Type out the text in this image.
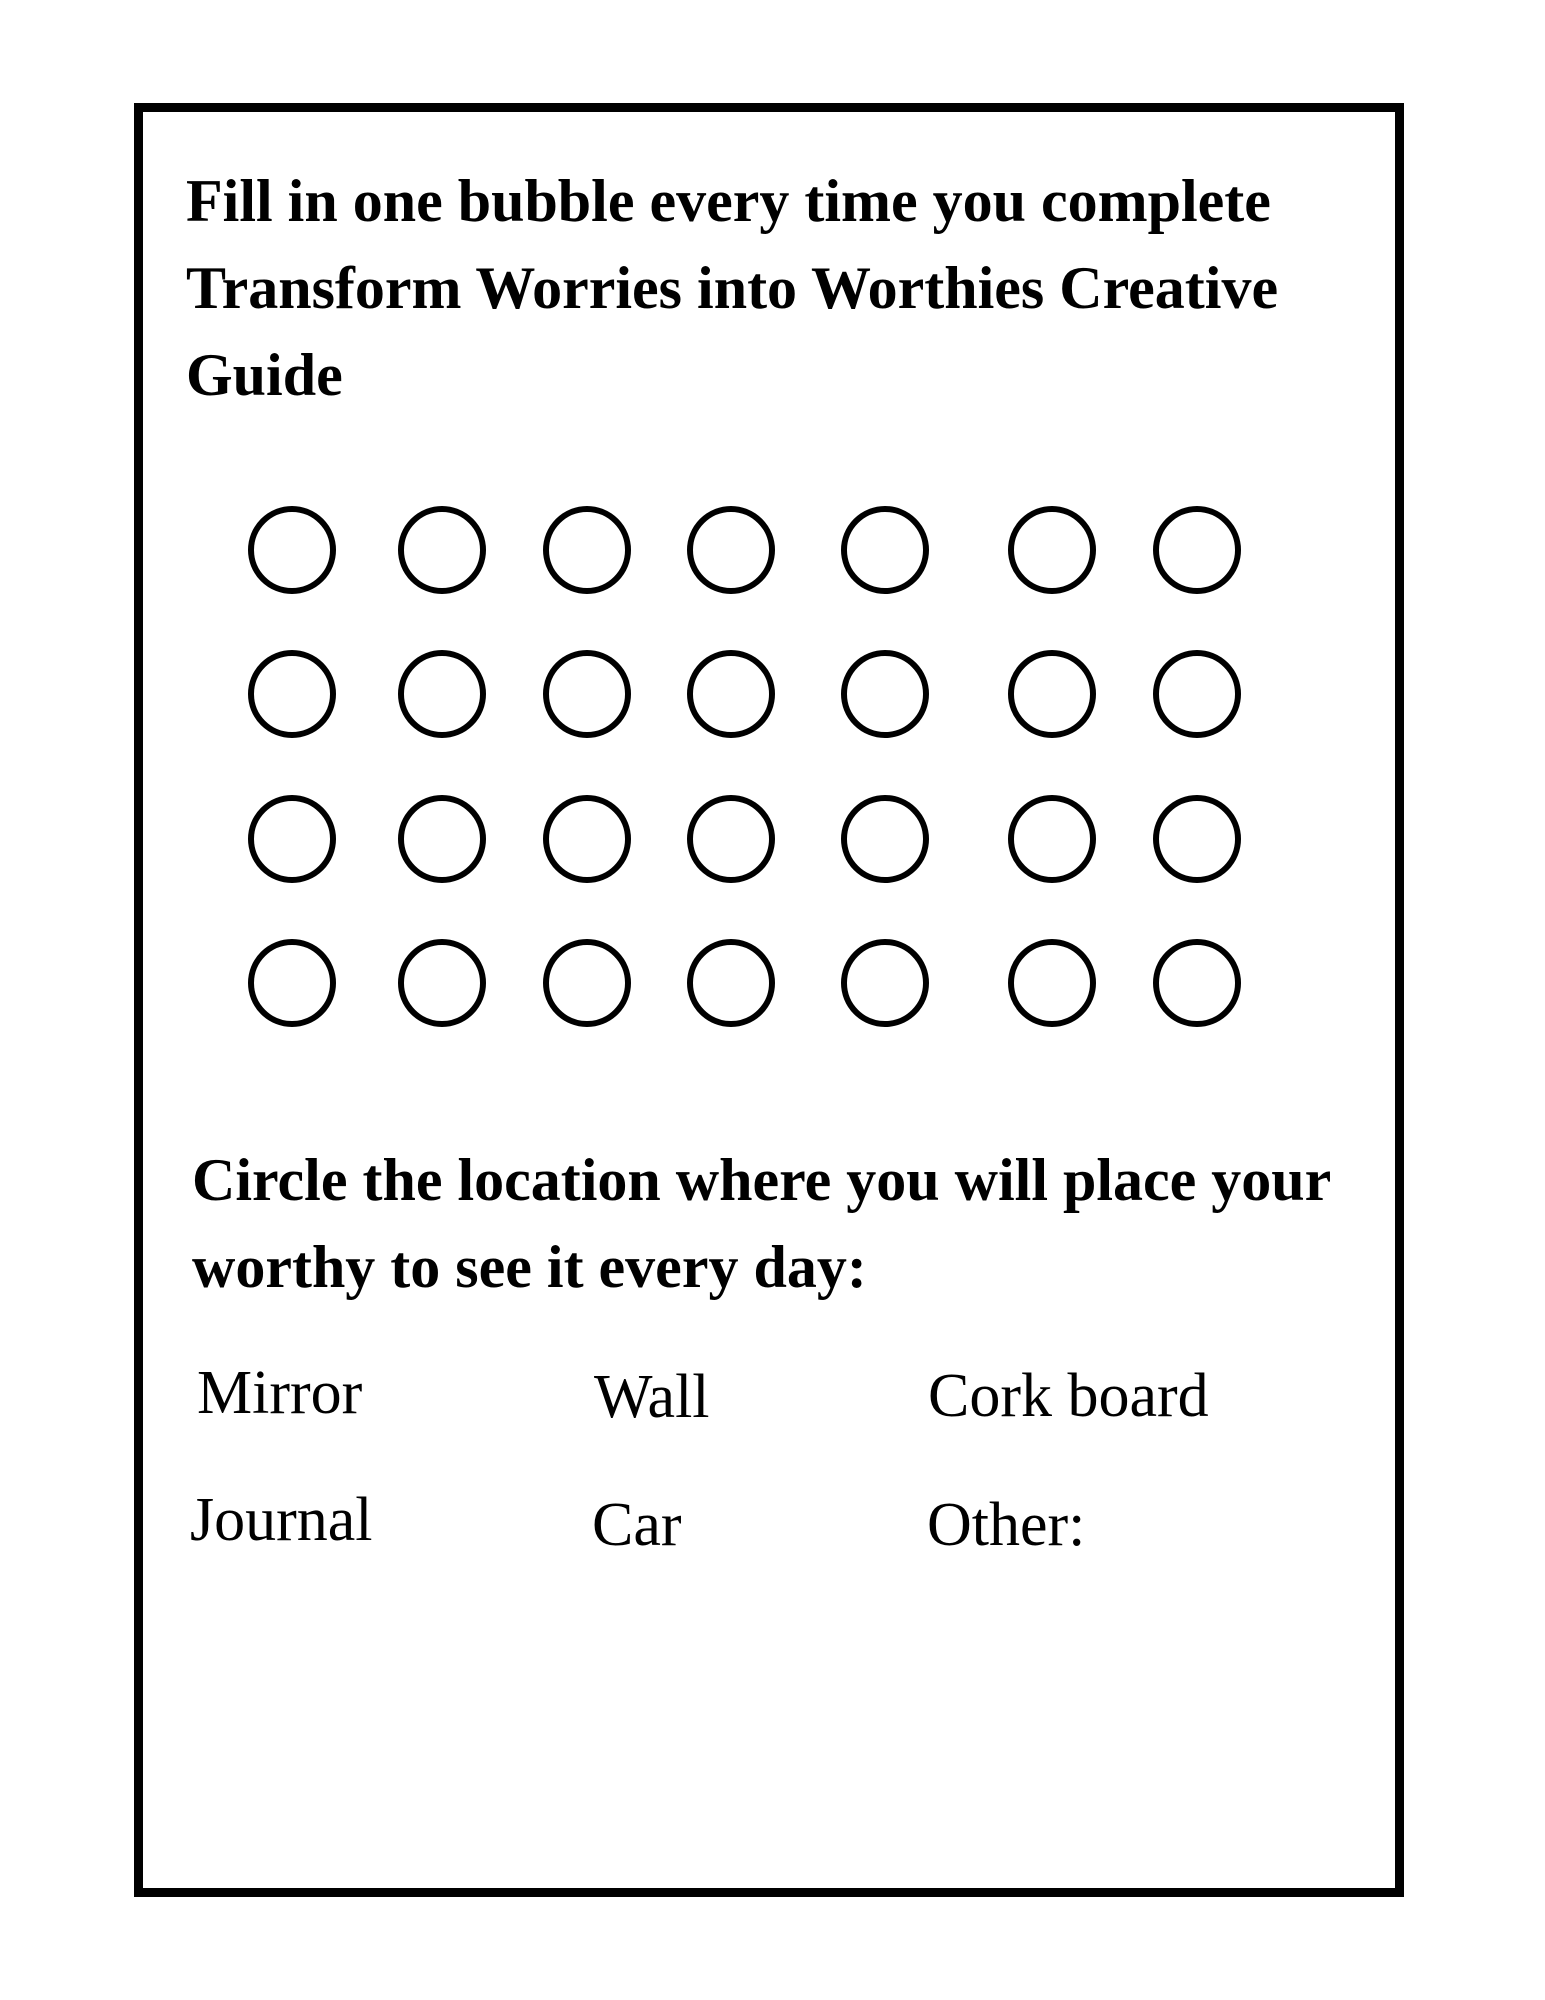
Fill in one bubble every time you complete
Transform Worries into Worthies Creative
Guide

Circle the location where you will place your
worthy to see it every day:

Mirror	Wall	Cork board
Journal	Car	Other:
